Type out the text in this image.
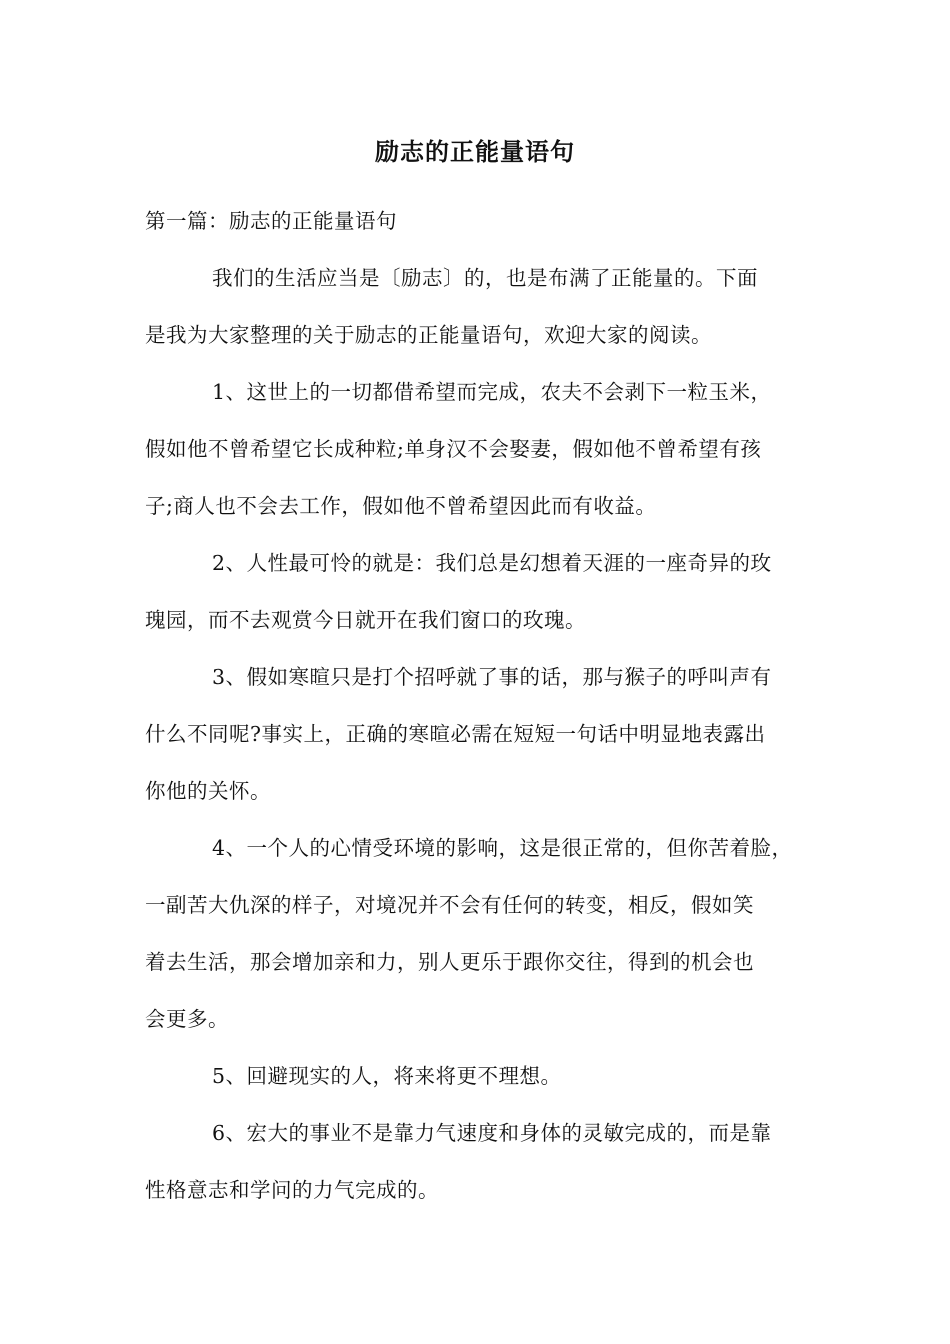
励志的正能量语句
第一篇：励志的正能量语句
我们的生活应当是〔励志〕的，也是布满了正能量的。下面
是我为大家整理的关于励志的正能量语句，欢迎大家的阅读。
1、这世上的一切都借希望而完成，农夫不会剥下一粒玉米，
假如他不曾希望它长成种粒;单身汉不会娶妻，假如他不曾希望有孩
子;商人也不会去工作，假如他不曾希望因此而有收益。
2、人性最可怜的就是：我们总是幻想着天涯的一座奇异的玫
瑰园，而不去观赏今日就开在我们窗口的玫瑰。
3、假如寒暄只是打个招呼就了事的话，那与猴子的呼叫声有
什么不同呢?事实上，正确的寒暄必需在短短一句话中明显地表露出
你他的关怀。
4、一个人的心情受环境的影响，这是很正常的，但你苦着脸，
一副苦大仇深的样子，对境况并不会有任何的转变，相反，假如笑
着去生活，那会增加亲和力，别人更乐于跟你交往，得到的机会也
会更多。
5、回避现实的人，将来将更不理想。
6、宏大的事业不是靠力气速度和身体的灵敏完成的，而是靠
性格意志和学问的力气完成的。
